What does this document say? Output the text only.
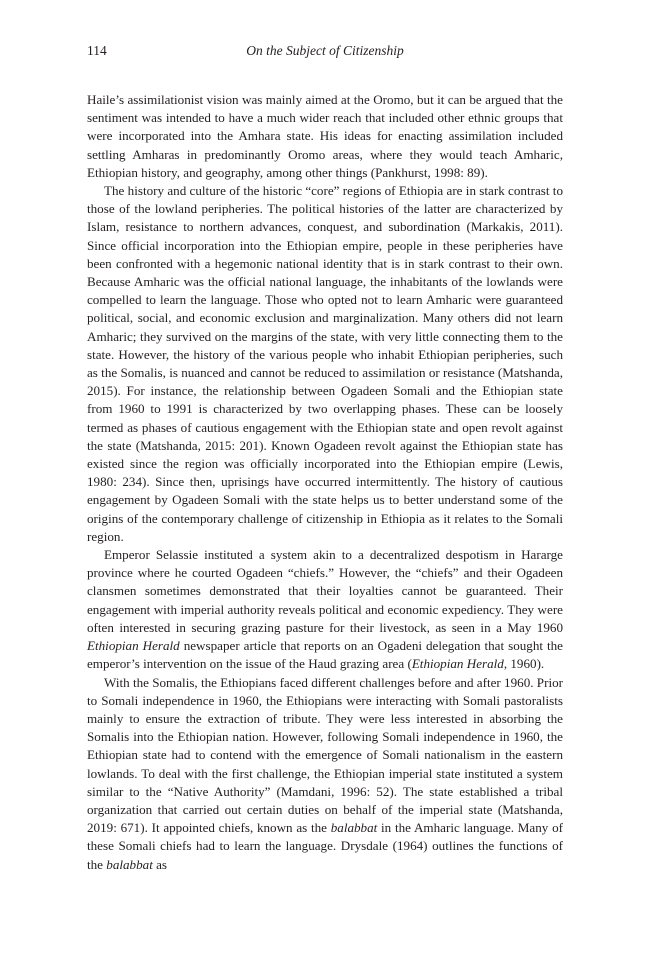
114	On the Subject of Citizenship

Haile’s assimilationist vision was mainly aimed at the Oromo, but it can be argued that the sentiment was intended to have a much wider reach that included other ethnic groups that were incorporated into the Amhara state. His ideas for enacting assimilation included settling Amharas in predominantly Oromo areas, where they would teach Amharic, Ethiopian history, and geography, among other things (Pankhurst, 1998: 89).

The history and culture of the historic “core” regions of Ethiopia are in stark contrast to those of the lowland peripheries. The political histories of the latter are characterized by Islam, resistance to northern advances, conquest, and subordination (Markakis, 2011). Since official incorporation into the Ethiopian empire, people in these peripheries have been confronted with a hegemonic national identity that is in stark contrast to their own. Because Amharic was the official national language, the inhabitants of the lowlands were compelled to learn the language. Those who opted not to learn Amharic were guaranteed political, social, and economic exclusion and marginalization. Many others did not learn Amharic; they survived on the margins of the state, with very little connecting them to the state. However, the history of the various people who inhabit Ethiopian peripheries, such as the Somalis, is nuanced and cannot be reduced to assimilation or resistance (Matshanda, 2015). For instance, the relationship between Ogadeen Somali and the Ethiopian state from 1960 to 1991 is characterized by two overlapping phases. These can be loosely termed as phases of cautious engagement with the Ethiopian state and open revolt against the state (Matshanda, 2015: 201). Known Ogadeen revolt against the Ethiopian state has existed since the region was officially incorporated into the Ethiopian empire (Lewis, 1980: 234). Since then, uprisings have occurred intermittently. The history of cautious engagement by Ogadeen Somali with the state helps us to better understand some of the origins of the contemporary challenge of citizenship in Ethiopia as it relates to the Somali region.

Emperor Selassie instituted a system akin to a decentralized despotism in Hararge province where he courted Ogadeen “chiefs.” However, the “chiefs” and their Ogadeen clansmen sometimes demonstrated that their loyalties cannot be guaranteed. Their engagement with imperial authority reveals political and economic expediency. They were often interested in securing grazing pasture for their livestock, as seen in a May 1960 Ethiopian Herald newspaper article that reports on an Ogadeni delegation that sought the emperor’s intervention on the issue of the Haud grazing area (Ethiopian Herald, 1960).

With the Somalis, the Ethiopians faced different challenges before and after 1960. Prior to Somali independence in 1960, the Ethiopians were interacting with Somali pastoralists mainly to ensure the extraction of tribute. They were less interested in absorbing the Somalis into the Ethiopian nation. However, following Somali independence in 1960, the Ethiopian state had to contend with the emergence of Somali nationalism in the eastern lowlands. To deal with the first challenge, the Ethiopian imperial state instituted a system similar to the “Native Authority” (Mamdani, 1996: 52). The state established a tribal organization that carried out certain duties on behalf of the imperial state (Matshanda, 2019: 671). It appointed chiefs, known as the balabbat in the Amharic language. Many of these Somali chiefs had to learn the language. Drysdale (1964) outlines the functions of the balabbat as
